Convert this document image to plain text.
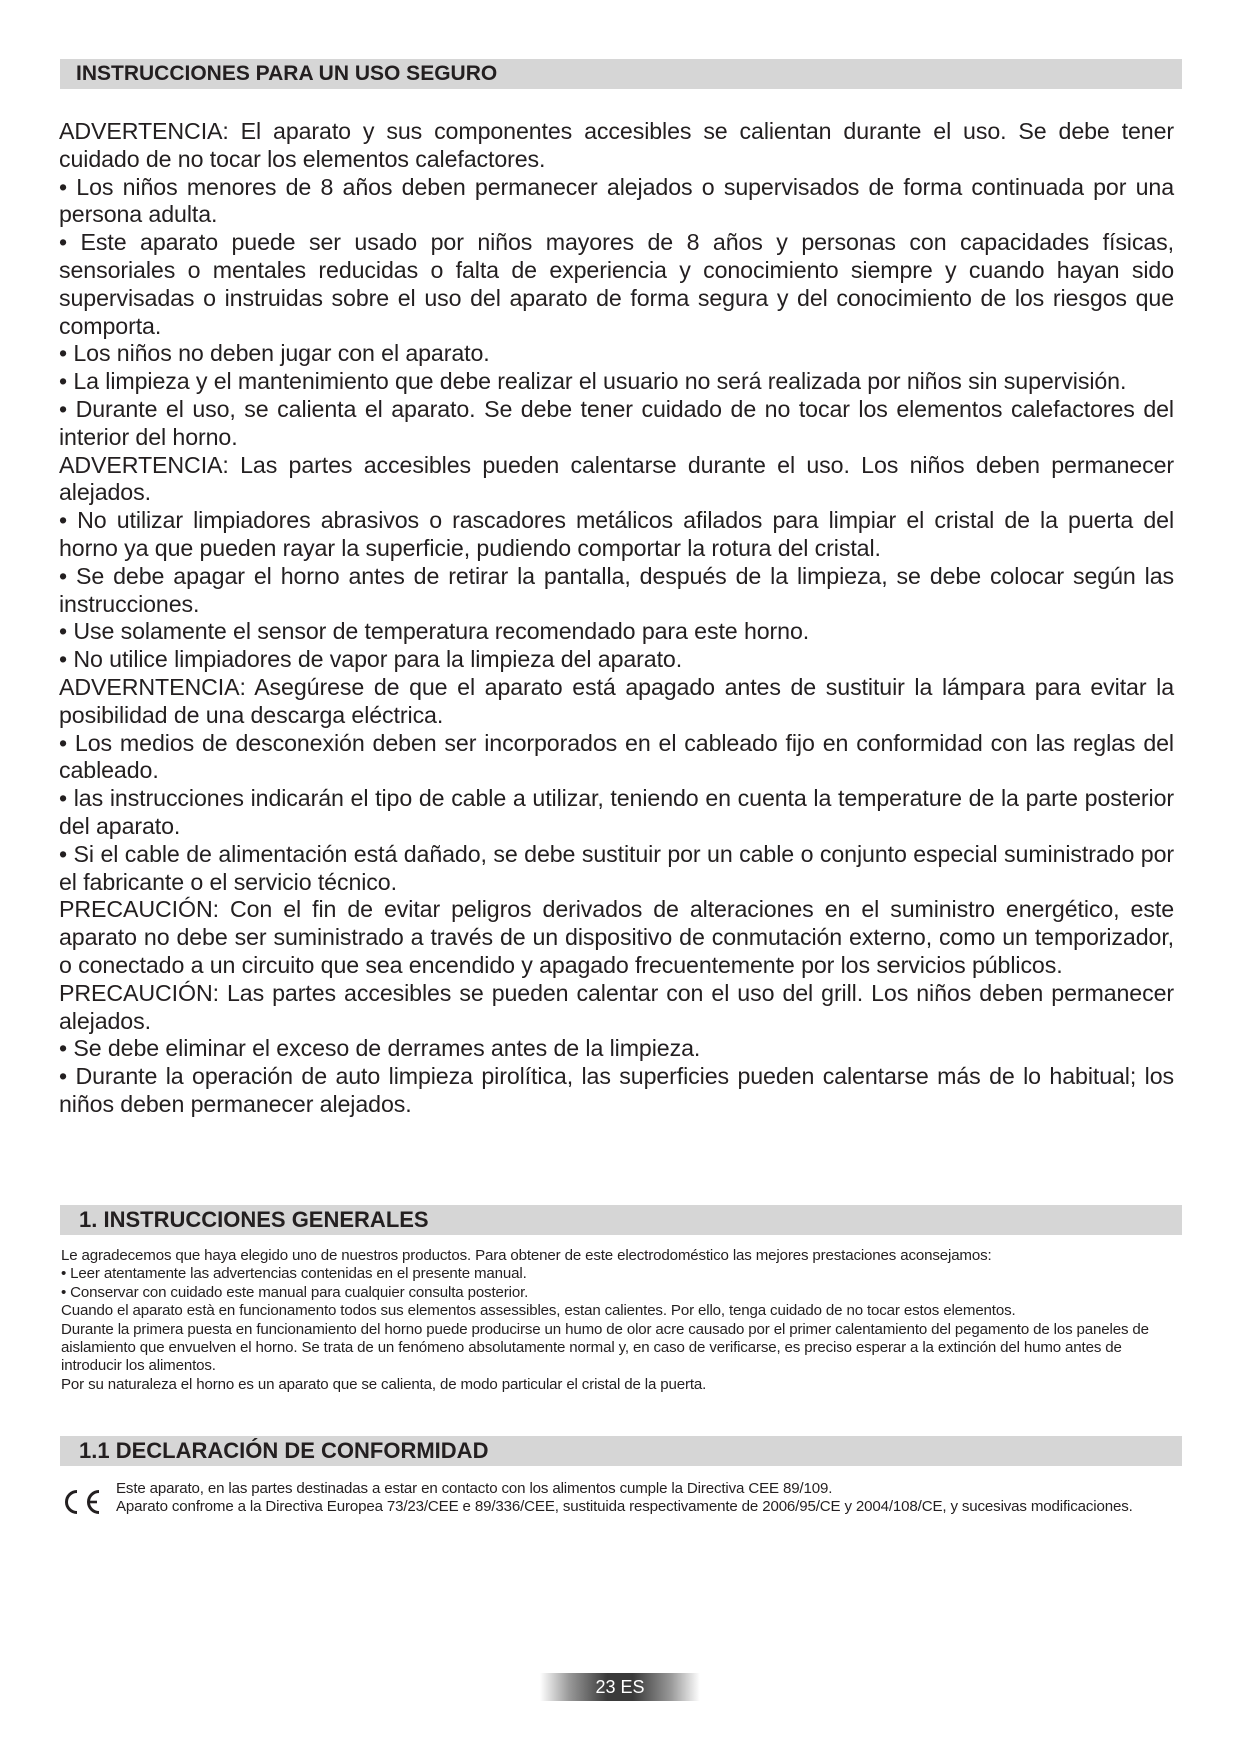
INSTRUCCIONES PARA UN USO SEGURO

ADVERTENCIA: El aparato y sus componentes accesibles se calientan durante el uso. Se debe tener cuidado de no tocar los elementos calefactores.

• Los niños menores de 8 años deben permanecer alejados o supervisados de forma continuada por una persona adulta.

• Este aparato puede ser usado por niños mayores de 8 años y personas con capacidades físicas, sensoriales o mentales reducidas o falta de experiencia y conocimiento siempre y cuando hayan sido supervisadas o instruidas sobre el uso del aparato de forma segura y del conocimiento de los riesgos que comporta.

• Los niños no deben jugar con el aparato.

• La limpieza y el mantenimiento que debe realizar el usuario no será realizada por niños sin supervisión.

• Durante el uso, se calienta el aparato. Se debe tener cuidado de no tocar los elementos calefactores del interior del horno.

ADVERTENCIA: Las partes accesibles pueden calentarse durante el uso. Los niños deben permanecer alejados.

• No utilizar limpiadores abrasivos o rascadores metálicos afilados para limpiar el cristal de la puerta del horno ya que pueden rayar la superficie, pudiendo comportar la rotura del cristal.

• Se debe apagar el horno antes de retirar la pantalla, después de la limpieza, se debe colocar según las instrucciones.

• Use solamente el sensor de temperatura recomendado para este horno.

• No utilice limpiadores de vapor para la limpieza del aparato.

ADVERNTENCIA: Asegúrese de que el aparato está apagado antes de sustituir la lámpara para evitar la posibilidad de una descarga eléctrica.

• Los medios de desconexión deben ser incorporados en el cableado fijo en conformidad con las reglas del cableado.

• las instrucciones indicarán el tipo de cable a utilizar, teniendo en cuenta la temperature de la parte posterior del aparato.

• Si el cable de alimentación está dañado, se debe sustituir por un cable o conjunto especial suministrado por el fabricante o el servicio técnico.

PRECAUCIÓN: Con el fin de evitar peligros derivados de alteraciones en el suministro energético, este aparato no debe ser suministrado a través de un dispositivo de conmutación externo, como un temporizador, o conectado a un circuito que sea encendido y apagado frecuentemente por los servicios públicos.

PRECAUCIÓN: Las partes accesibles se pueden calentar con el uso del grill. Los niños deben permanecer alejados.

• Se debe eliminar el exceso de derrames antes de la limpieza.

• Durante la operación de auto limpieza pirolítica, las superficies pueden calentarse más de lo habitual; los niños deben permanecer alejados.

1. INSTRUCCIONES GENERALES

Le agradecemos que haya elegido uno de nuestros productos. Para obtener de este electrodoméstico las mejores prestaciones aconsejamos:

• Leer atentamente las advertencias contenidas en el presente manual.

• Conservar con cuidado este manual para cualquier consulta posterior.

Cuando el aparato està en funcionamento todos sus elementos assessibles, estan calientes. Por ello, tenga cuidado de no tocar estos elementos.

Durante la primera puesta en funcionamiento del horno puede producirse un humo de olor acre causado por el primer calentamiento del pegamento de los paneles de aislamiento que envuelven el horno. Se trata de un fenómeno absolutamente normal y, en caso de verificarse, es preciso esperar a la extinción del humo antes de introducir los alimentos.

Por su naturaleza el horno es un aparato que se calienta, de modo particular el cristal de la puerta.

1.1 DECLARACIÓN DE CONFORMIDAD

Este aparato, en las partes destinadas a estar en contacto con los alimentos cumple la Directiva CEE 89/109.

Aparato confrome a la Directiva Europea 73/23/CEE e 89/336/CEE, sustituida respectivamente de 2006/95/CE y 2004/108/CE, y sucesivas modificaciones.

23 ES
